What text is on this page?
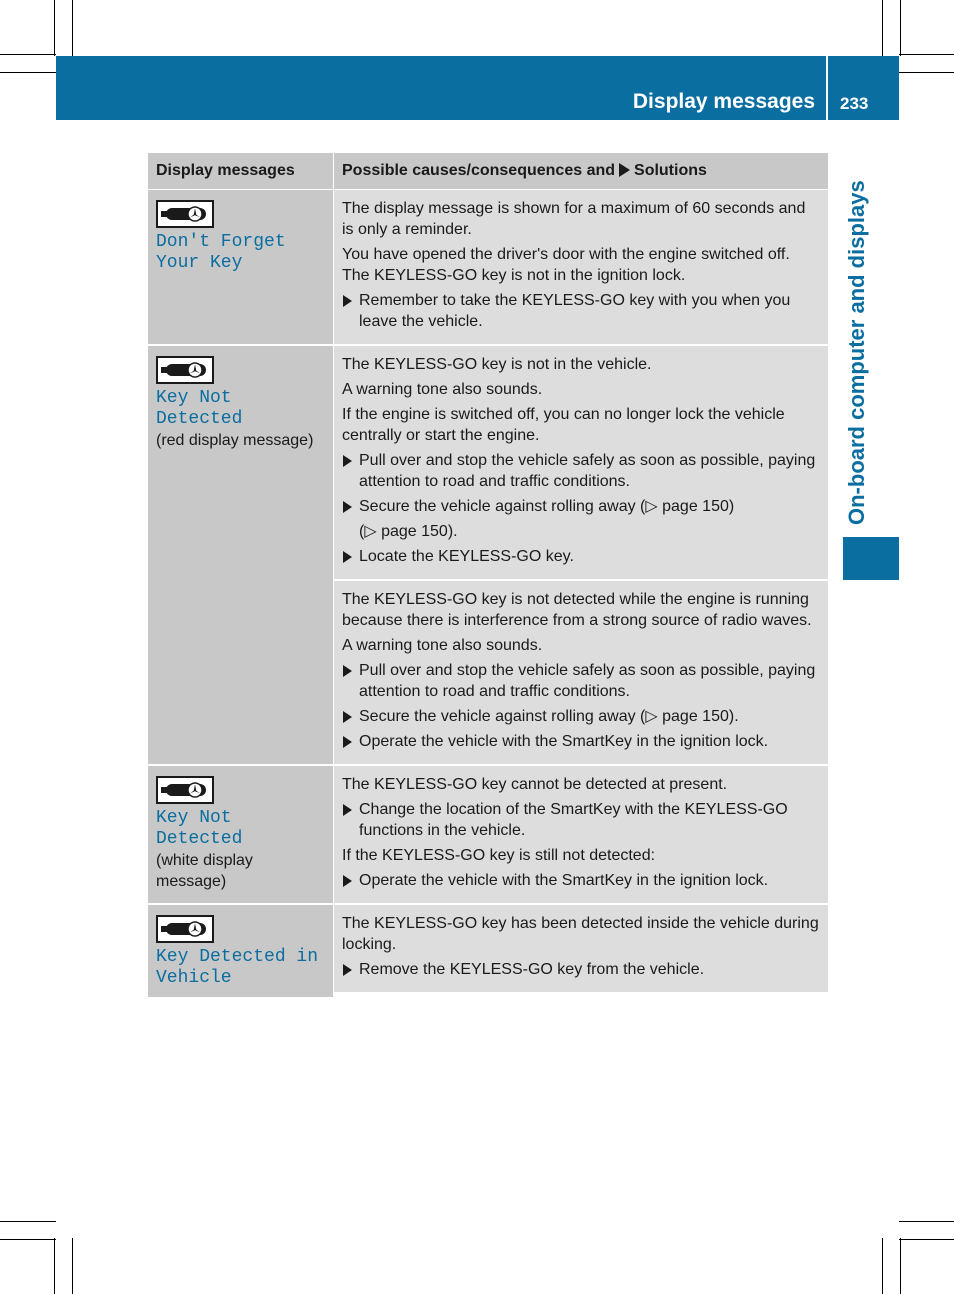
Display messages 233
On-board computer and displays
Display messages	Possible causes/consequences and Solutions
Don't Forget Your Key
The display message is shown for a maximum of 60 seconds and is only a reminder.
You have opened the driver's door with the engine switched off. The KEYLESS-GO key is not in the ignition lock.
Remember to take the KEYLESS-GO key with you when you leave the vehicle.
Key Not Detected
(red display message)
The KEYLESS-GO key is not in the vehicle.
A warning tone also sounds.
If the engine is switched off, you can no longer lock the vehicle centrally or start the engine.
Pull over and stop the vehicle safely as soon as possible, paying attention to road and traffic conditions.
Secure the vehicle against rolling away (▷ page 150)
(▷ page 150).
Locate the KEYLESS-GO key.
The KEYLESS-GO key is not detected while the engine is running because there is interference from a strong source of radio waves.
A warning tone also sounds.
Pull over and stop the vehicle safely as soon as possible, paying attention to road and traffic conditions.
Secure the vehicle against rolling away (▷ page 150).
Operate the vehicle with the SmartKey in the ignition lock.
Key Not Detected
(white display message)
The KEYLESS-GO key cannot be detected at present.
Change the location of the SmartKey with the KEYLESS-GO functions in the vehicle.
If the KEYLESS-GO key is still not detected:
Operate the vehicle with the SmartKey in the ignition lock.
Key Detected in Vehicle
The KEYLESS-GO key has been detected inside the vehicle during locking.
Remove the KEYLESS-GO key from the vehicle.
